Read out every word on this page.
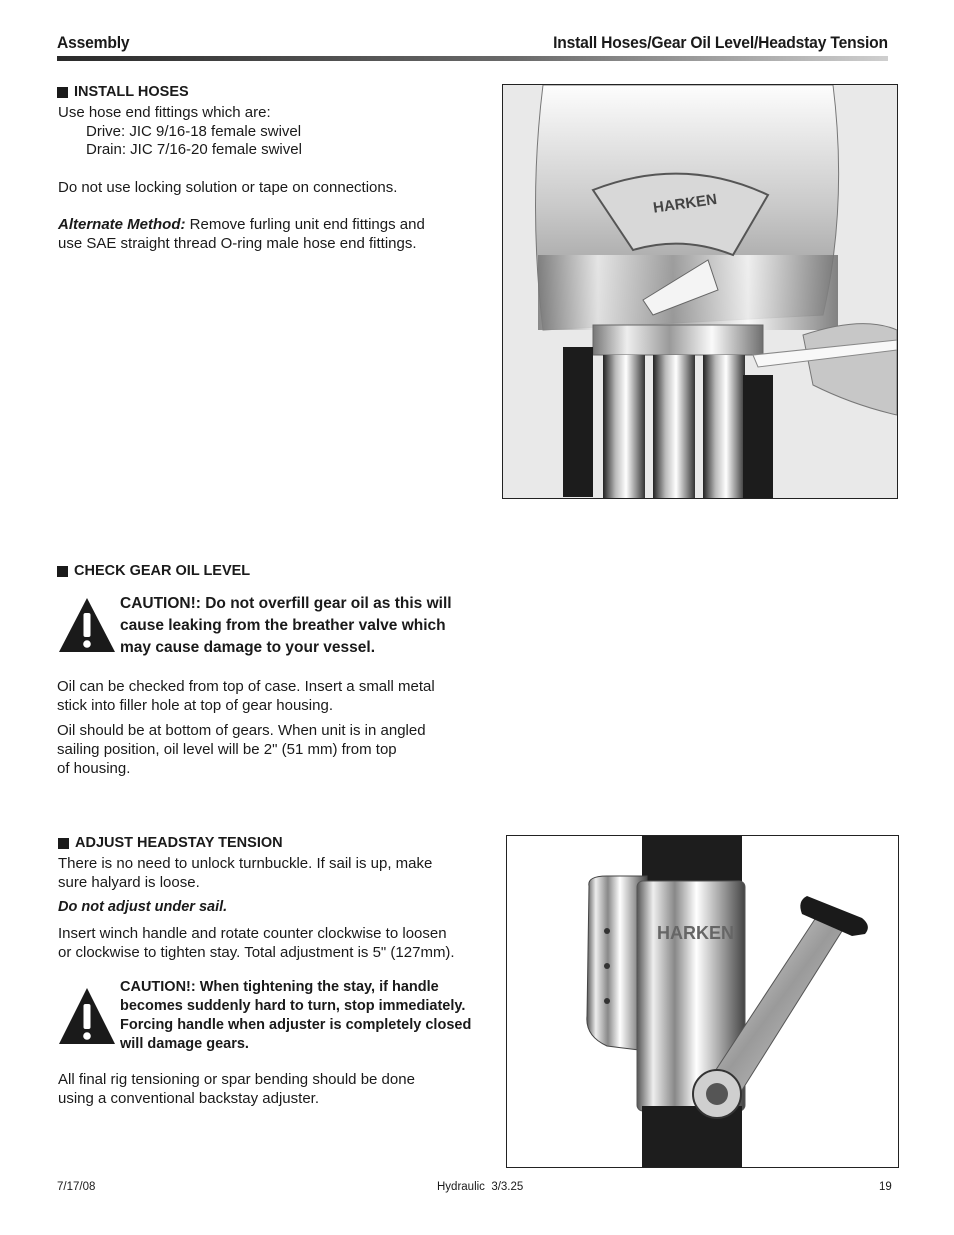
Assembly	Install Hoses/Gear Oil Level/Headstay Tension
INSTALL HOSES
Use hose end fittings which are:
Drive: JIC 9/16-18 female swivel
Drain: JIC 7/16-20 female swivel
Do not use locking solution or tape on connections.
Alternate Method: Remove furling unit end fittings and
use SAE straight thread O-ring male hose end fittings.
HARKEN
CHECK GEAR OIL LEVEL
CAUTION!: Do not overfill gear oil as this will
cause leaking from the breather valve which
may cause damage to your vessel.
Oil can be checked from top of case. Insert a small metal
stick into filler hole at top of gear housing.
Oil should be at bottom of gears. When unit is in angled
sailing position, oil level will be 2" (51 mm) from top
of housing.
ADJUST HEADSTAY TENSION
There is no need to unlock turnbuckle. If sail is up, make
sure halyard is loose.
Do not adjust under sail.
Insert winch handle and rotate counter clockwise to loosen
or clockwise to tighten stay. Total adjustment is 5" (127mm).
CAUTION!: When tightening the stay, if handle
becomes suddenly hard to turn, stop immediately.
Forcing handle when adjuster is completely closed
will damage gears.
All final rig tensioning or spar bending should be done
using a conventional backstay adjuster.
HARKEN
7/17/08	Hydraulic  3/3.25	19
